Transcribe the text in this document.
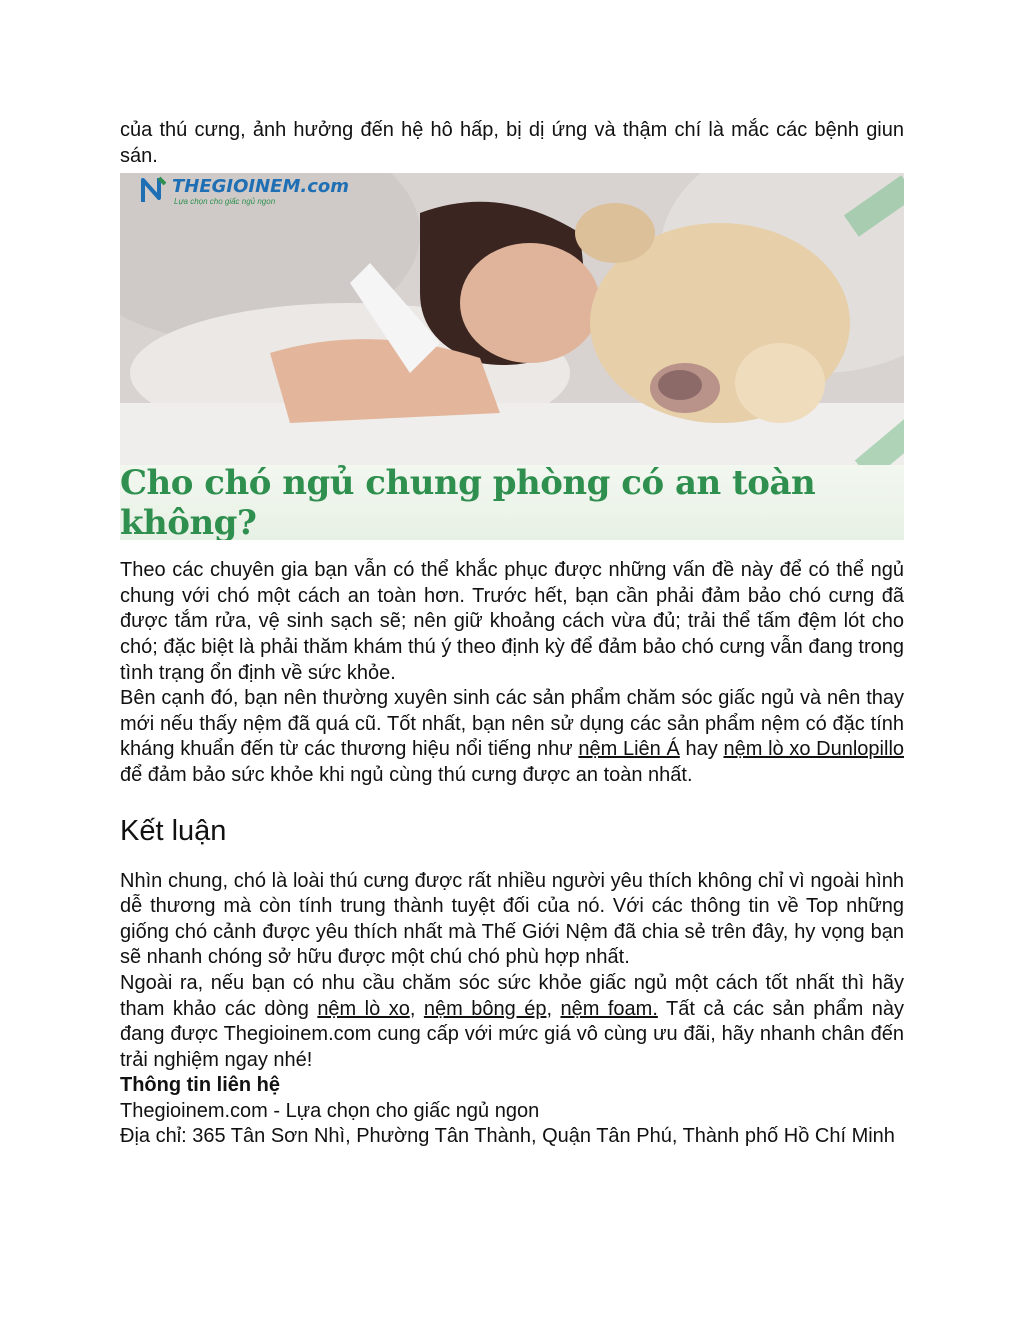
của thú cưng, ảnh hưởng đến hệ hô hấp, bị dị ứng và thậm chí là mắc các bệnh giun sán.

THEGIOINEM.com
Lựa chọn cho giấc ngủ ngon
Cho chó ngủ chung phòng có an toàn không?

Theo các chuyên gia bạn vẫn có thể khắc phục được những vấn đề này để có thể ngủ chung với chó một cách an toàn hơn. Trước hết, bạn cần phải đảm bảo chó cưng đã được tắm rửa, vệ sinh sạch sẽ; nên giữ khoảng cách vừa đủ; trải thể tấm đệm lót cho chó; đặc biệt là phải thăm khám thú ý theo định kỳ để đảm bảo chó cưng vẫn đang trong tình trạng ổn định về sức khỏe.

Bên cạnh đó, bạn nên thường xuyên sinh các sản phẩm chăm sóc giấc ngủ và nên thay mới nếu thấy nệm đã quá cũ. Tốt nhất, bạn nên sử dụng các sản phẩm nệm có đặc tính kháng khuẩn đến từ các thương hiệu nổi tiếng như nệm Liên Á hay nệm lò xo Dunlopillo để đảm bảo sức khỏe khi ngủ cùng thú cưng được an toàn nhất.

Kết luận

Nhìn chung, chó là loài thú cưng được rất nhiều người yêu thích không chỉ vì ngoài hình dễ thương mà còn tính trung thành tuyệt đối của nó. Với các thông tin về Top những giống chó cảnh được yêu thích nhất mà Thế Giới Nệm đã chia sẻ trên đây, hy vọng bạn sẽ nhanh chóng sở hữu được một chú chó phù hợp nhất.

Ngoài ra, nếu bạn có nhu cầu chăm sóc sức khỏe giấc ngủ một cách tốt nhất thì hãy tham khảo các dòng nệm lò xo, nệm bông ép, nệm foam. Tất cả các sản phẩm này đang được Thegioinem.com cung cấp với mức giá vô cùng ưu đãi, hãy nhanh chân đến trải nghiệm ngay nhé!

Thông tin liên hệ

Thegioinem.com - Lựa chọn cho giấc ngủ ngon

Địa chỉ: 365 Tân Sơn Nhì, Phường Tân Thành, Quận Tân Phú, Thành phố Hồ Chí Minh
